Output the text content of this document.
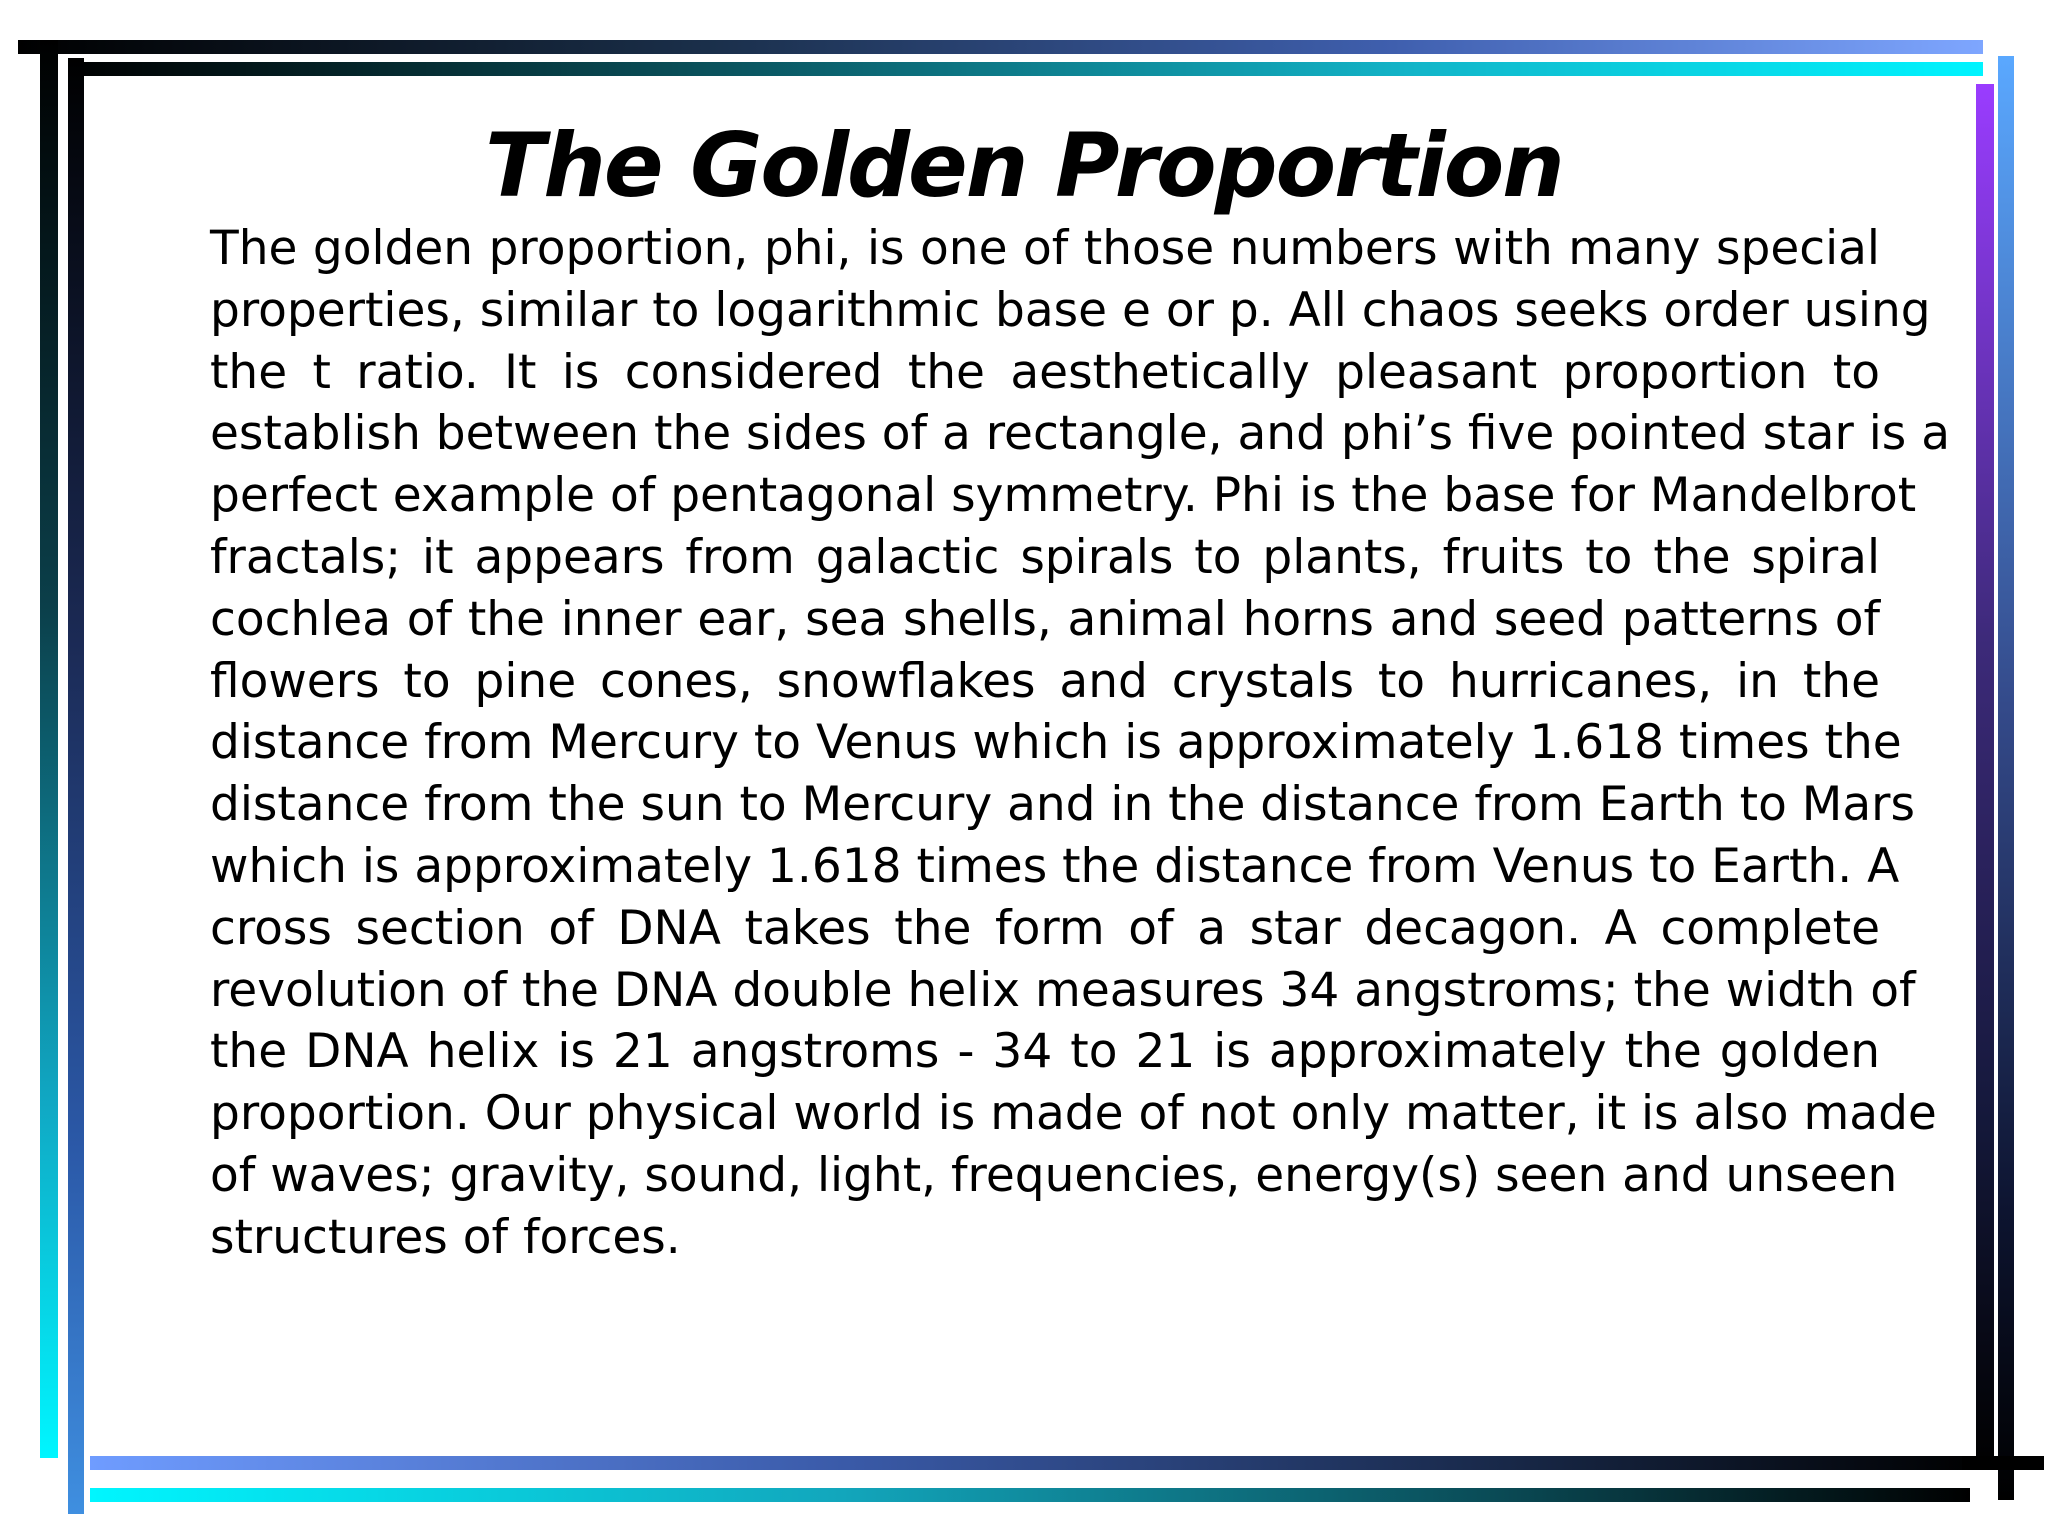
The Golden Proportion
The golden proportion, phi, is one of those numbers with many special
properties, similar to logarithmic base e or p. All chaos seeks order using
the t ratio. It is considered the aesthetically pleasant proportion to
establish between the sides of a rectangle, and phi’s five pointed star is a
perfect example of pentagonal symmetry. Phi is the base for Mandelbrot
fractals; it appears from galactic spirals to plants, fruits to the spiral
cochlea of the inner ear, sea shells, animal horns and seed patterns of
flowers to pine cones, snowflakes and crystals to hurricanes, in the
distance from Mercury to Venus which is approximately 1.618 times the
distance from the sun to Mercury and in the distance from Earth to Mars
which is approximately 1.618 times the distance from Venus to Earth. A
cross section of DNA takes the form of a star decagon. A complete
revolution of the DNA double helix measures 34 angstroms; the width of
the DNA helix is 21 angstroms - 34 to 21 is approximately the golden
proportion. Our physical world is made of not only matter, it is also made
of waves; gravity, sound, light, frequencies, energy(s) seen and unseen
structures of forces.
